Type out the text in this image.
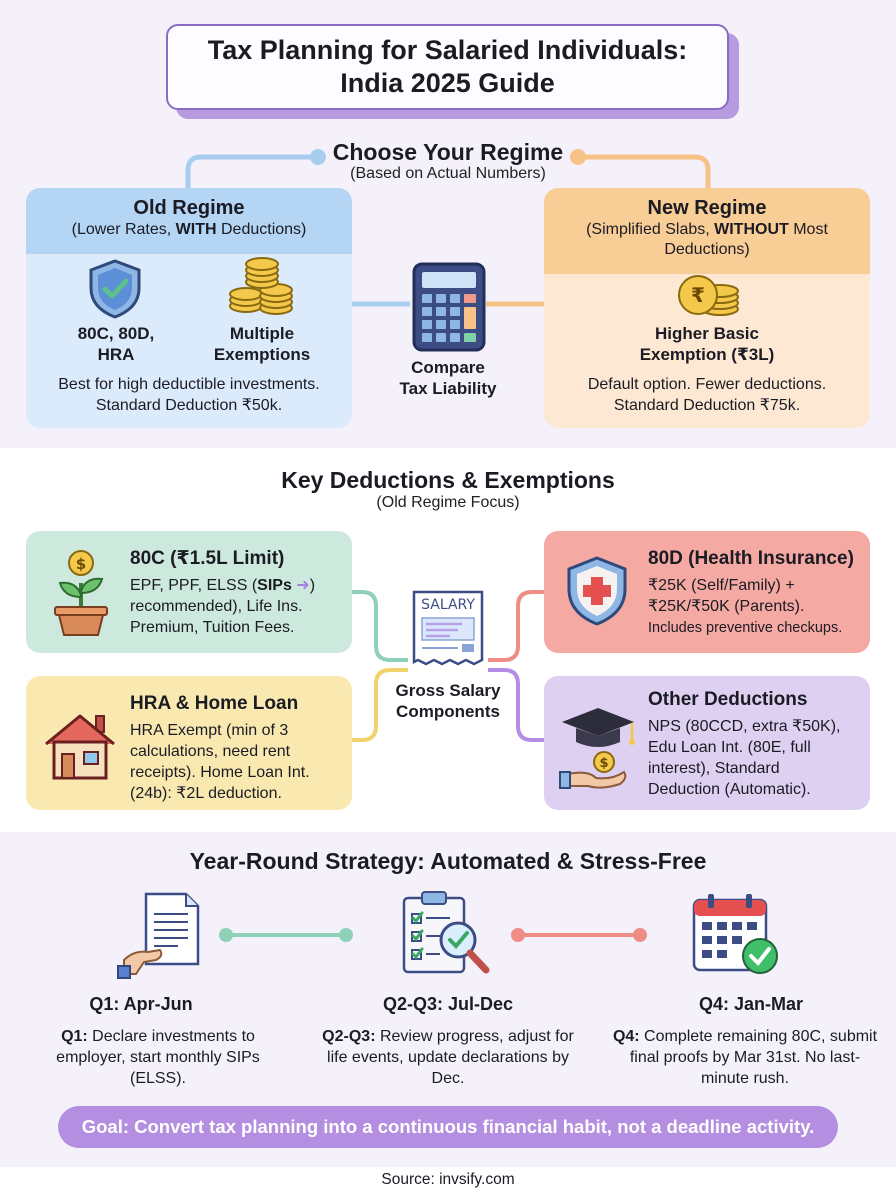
Tax Planning for Salaried Individuals:
India 2025 Guide
Choose Your Regime
(Based on Actual Numbers)
Old Regime
(Lower Rates, WITH Deductions)
80C, 80D,
HRA
Multiple
Exemptions
Best for high deductible investments.
Standard Deduction ₹50k.
Compare
Tax Liability
New Regime
(Simplified Slabs, WITHOUT Most Deductions)
₹
Higher Basic
Exemption (₹3L)
Default option. Fewer deductions.
Standard Deduction ₹75k.
Key Deductions & Exemptions
(Old Regime Focus)
$ 80C (₹1.5L Limit)
EPF, PPF, ELSS (SIPs ➜)
recommended), Life Ins.
Premium, Tuition Fees.
HRA & Home Loan
HRA Exempt (min of 3
calculations, need rent
receipts). Home Loan Int.
(24b): ₹2L deduction.
SALARY
Gross Salary
Components
80D (Health Insurance)
₹25K (Self/Family) +
₹25K/₹50K (Parents).
Includes preventive checkups.
$
Other Deductions
NPS (80CCD, extra ₹50K),
Edu Loan Int. (80E, full
interest), Standard
Deduction (Automatic).
Year-Round Strategy: Automated & Stress-Free
Q1: Apr-Jun	Q2-Q3: Jul-Dec	Q4: Jan-Mar
Q1: Declare investments to employer, start monthly SIPs (ELSS).
Q2-Q3: Review progress, adjust for life events, update declarations by Dec.
Q4: Complete remaining 80C, submit final proofs by Mar 31st. No last-minute rush.
Goal: Convert tax planning into a continuous financial habit, not a deadline activity.
Source: invsify.com
